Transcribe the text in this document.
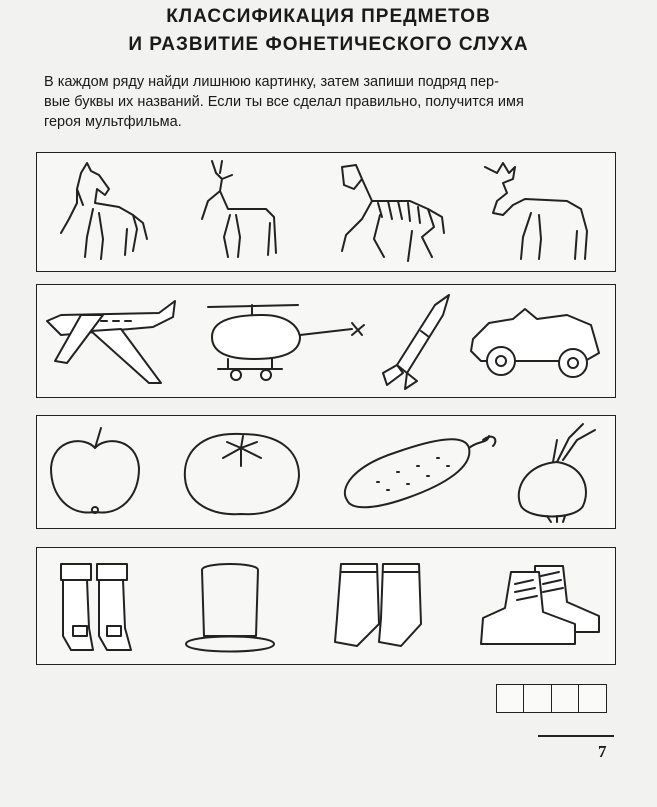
КЛАССИФИКАЦИЯ ПРЕДМЕТОВ
И РАЗВИТИЕ ФОНЕТИЧЕСКОГО СЛУХА
В каждом ряду найди лишнюю картинку, затем запиши подряд пер-
вые буквы их названий. Если ты все сделал правильно, получится имя
героя мультфильма.
7
